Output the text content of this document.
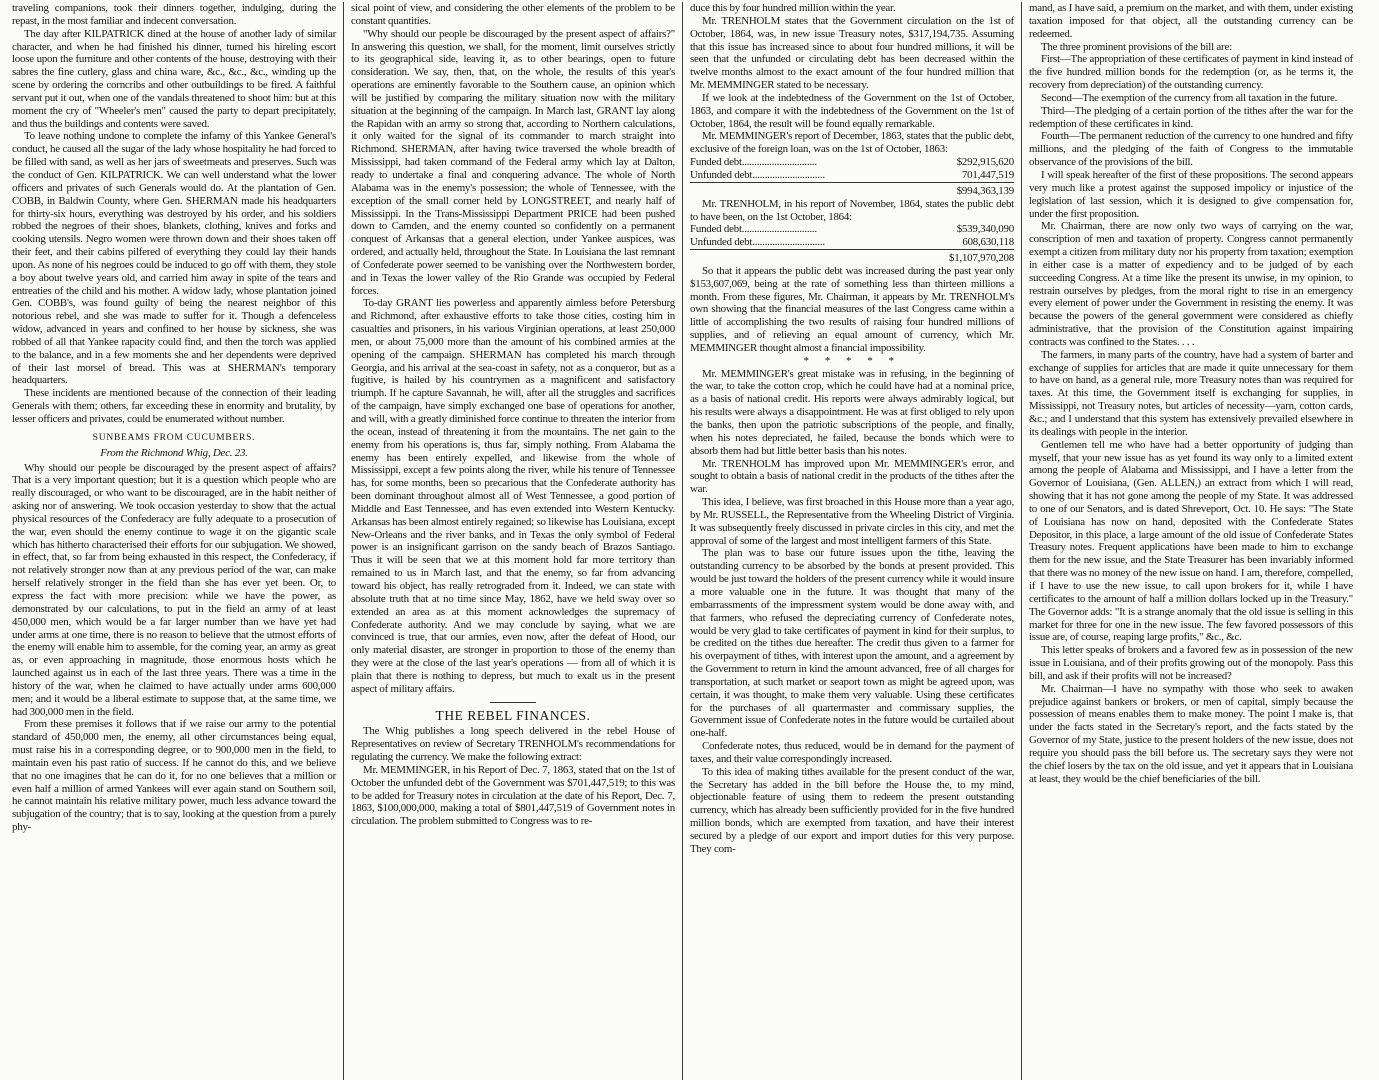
traveling companions, took their dinners together, indulging, during the repast, in the most familiar and indecent conversation.

The day after KILPATRICK dined at the house of another lady of similar character, and when he had finished his dinner, turned his hireling escort loose upon the furniture and other contents of the house, destroying with their sabres the fine cutlery, glass and china ware, &c., &c., &c., winding up the scene by ordering the corncribs and other outbuildings to be fired. A faithful servant put it out, when one of the vandals threatened to shoot him: but at this moment the cry of "Wheeler's men" caused the party to depart precipitately, and thus the buildings and contents were saved.

To leave nothing undone to complete the infamy of this Yankee General's conduct, he caused all the sugar of the lady whose hospitality he had forced to be filled with sand, as well as her jars of sweetmeats and preserves. Such was the conduct of Gen. KILPATRICK. We can well understand what the lower officers and privates of such Generals would do. At the plantation of Gen. COBB, in Baldwin County, where Gen. SHERMAN made his headquarters for thirty-six hours, everything was destroyed by his order, and his soldiers robbed the negroes of their shoes, blankets, clothing, knives and forks and cooking utensils. Negro women were thrown down and their shoes taken off their feet, and their cabins pilfered of everything they could lay their hands upon. As none of his negroes could be induced to go off with them, they stole a boy about twelve years old, and carried him away in spite of the tears and entreaties of the child and his mother. A widow lady, whose plantation joined Gen. COBB's, was found guilty of being the nearest neighbor of this notorious rebel, and she was made to suffer for it. Though a defenceless widow, advanced in years and confined to her house by sickness, she was robbed of all that Yankee rapacity could find, and then the torch was applied to the balance, and in a few moments she and her dependents were deprived of their last morsel of bread. This was at SHERMAN's temporary headquarters.

These incidents are mentioned because of the connection of their leading Generals with them; others, far exceeding these in enormity and brutality, by lesser officers and privates, could be enumerated without number.

SUNBEAMS FROM CUCUMBERS.

From the Richmond Whig, Dec. 23.

Why should our people be discouraged by the present aspect of affairs? That is a very important question; but it is a question which people who are really discouraged, or who want to be discouraged, are in the habit neither of asking nor of answering. We took occasion yesterday to show that the actual physical resources of the Confederacy are fully adequate to a prosecution of the war, even should the enemy continue to wage it on the gigantic scale which has hitherto characterised their efforts for our subjugation. We showed, in effect, that, so far from being exhausted in this respect, the Confederacy, if not relatively stronger now than at any previous period of the war, can make herself relatively stronger in the field than she has ever yet been. Or, to express the fact with more precision: while we have the power, as demonstrated by our calculations, to put in the field an army of at least 450,000 men, which would be a far larger number than we have yet had under arms at one time, there is no reason to believe that the utmost efforts of the enemy will enable him to assemble, for the coming year, an army as great as, or even approaching in magnitude, those enormous hosts which he launched against us in each of the last three years. There was a time in the history of the war, when he claimed to have actually under arms 600,000 men; and it would be a liberal estimate to suppose that, at the same time, we had 300,000 men in the field.

From these premises it follows that if we raise our army to the potential standard of 450,000 men, the enemy, all other circumstances being equal, must raise his in a corresponding degree, or to 900,000 men in the field, to maintain even his past ratio of success. If he cannot do this, and we believe that no one imagines that he can do it, for no one believes that a million or even half a million of armed Yankees will ever again stand on Southern soil, he cannot maintain his relative military power, much less advance toward the subjugation of the country; that is to say, looking at the question from a purely phy-

sical point of view, and considering the other elements of the problem to be constant quantities.

"Why should our people be discouraged by the present aspect of affairs?" In answering this question, we shall, for the moment, limit ourselves strictly to its geographical side, leaving it, as to other bearings, open to future consideration. We say, then, that, on the whole, the results of this year's operations are eminently favorable to the Southern cause, an opinion which will be justified by comparing the military situation now with the military situation at the beginning of the campaign. In March last, GRANT lay along the Rapidan with an army so strong that, according to Northern calculations, it only waited for the signal of its commander to march straight into Richmond. SHERMAN, after having twice traversed the whole breadth of Mississippi, had taken command of the Federal army which lay at Dalton, ready to undertake a final and conquering advance. The whole of North Alabama was in the enemy's possession; the whole of Tennessee, with the exception of the small corner held by LONGSTREET, and nearly half of Mississippi. In the Trans-Mississippi Department PRICE had been pushed down to Camden, and the enemy counted so confidently on a permanent conquest of Arkansas that a general election, under Yankee auspices, was ordered, and actually held, throughout the State. In Louisiana the last remnant of Confederate power seemed to be vanishing over the Northwestern border, and in Texas the lower valley of the Rio Grande was occupied by Federal forces.

To-day GRANT lies powerless and apparently aimless before Petersburg and Richmond, after exhaustive efforts to take those cities, costing him in casualties and prisoners, in his various Virginian operations, at least 250,000 men, or about 75,000 more than the amount of his combined armies at the opening of the campaign. SHERMAN has completed his march through Georgia, and his arrival at the sea-coast in safety, not as a conqueror, but as a fugitive, is hailed by his countrymen as a magnificent and satisfactory triumph. If he capture Savannah, he will, after all the struggles and sacrifices of the campaign, have simply exchanged one base of operations for another, and will, with a greatly diminished force continue to threaten the interior from the ocean, instead of threatening it from the mountains. The net gain to the enemy from his operations is, thus far, simply nothing. From Alabama the enemy has been entirely expelled, and likewise from the whole of Mississippi, except a few points along the river, while his tenure of Tennessee has, for some months, been so precarious that the Confederate authority has been dominant throughout almost all of West Tennessee, a good portion of Middle and East Tennessee, and has even extended into Western Kentucky. Arkansas has been almost entirely regained; so likewise has Louisiana, except New-Orleans and the river banks, and in Texas the only symbol of Federal power is an insignificant garrison on the sandy beach of Brazos Santiago. Thus it will be seen that we at this moment hold far more territory than remained to us in March last, and that the enemy, so far from advancing toward his object, has really retrograded from it. Indeed, we can state with absolute truth that at no time since May, 1862, have we held sway over so extended an area as at this moment acknowledges the supremacy of Confederate authority. And we may conclude by saying, what we are convinced is true, that our armies, even now, after the defeat of Hood, our only material disaster, are stronger in proportion to those of the enemy than they were at the close of the last year's operations — from all of which it is plain that there is nothing to depress, but much to exalt us in the present aspect of military affairs.

THE REBEL FINANCES.

The Whig publishes a long speech delivered in the rebel House of Representatives on review of Secretary TRENHOLM's recommendations for regulating the currency. We make the following extract:

Mr. MEMMINGER, in his Report of Dec. 7, 1863, stated that on the 1st of October the unfunded debt of the Government was $701,447,519; to this was to be added for Treasury notes in circulation at the date of his Report, Dec. 7, 1863, $100,000,000, making a total of $801,447,519 of Government notes in circulation. The problem submitted to Congress was to re-

duce this by four hundred million within the year.

Mr. TRENHOLM states that the Government circulation on the 1st of October, 1864, was, in new issue Treasury notes, $317,194,735. Assuming that this issue has increased since to about four hundred millions, it will be seen that the unfunded or circulating debt has been decreased within the twelve months almost to the exact amount of the four hundred million that Mr. MEMMINGER stated to be necessary.

If we look at the indebtedness of the Government on the 1st of October, 1863, and compare it with the indebtedness of the Government on the 1st of October, 1864, the result will be found equally remarkable.

Mr. MEMMINGER's report of December, 1863, states that the public debt, exclusive of the foreign loan, was on the 1st of October, 1863:

Funded debt..............................	$292,915,620
Unfunded debt.............................	701,447,519
	$994,363,139

Mr. TRENHOLM, in his report of November, 1864, states the public debt to have been, on the 1st October, 1864:

Funded debt..............................	$539,340,090
Unfunded debt.............................	608,630,118
	$1,107,970,208

So that it appears the public debt was increased during the past year only $153,607,069, being at the rate of something less than thirteen millions a month. From these figures, Mr. Chairman, it appears by Mr. TRENHOLM's own showing that the financial measures of the last Congress came within a little of accomplishing the two results of raising four hundred millions of supplies, and of relieving an equal amount of currency, which Mr. MEMMINGER thought almost a financial impossibility.

* * * * *

Mr. MEMMINGER's great mistake was in refusing, in the beginning of the war, to take the cotton crop, which he could have had at a nominal price, as a basis of national credit. His reports were always admirably logical, but his results were always a disappointment. He was at first obliged to rely upon the banks, then upon the patriotic subscriptions of the people, and finally, when his notes depreciated, he failed, because the bonds which were to absorb them had but little better basis than his notes.

Mr. TRENHOLM has improved upon Mr. MEMMINGER's error, and sought to obtain a basis of national credit in the products of the tithes after the war.

This idea, I believe, was first broached in this House more than a year ago, by Mr. RUSSELL, the Representative from the Wheeling District of Virginia. It was subsequently freely discussed in private circles in this city, and met the approval of some of the largest and most intelligent farmers of this State.

The plan was to base our future issues upon the tithe, leaving the outstanding currency to be absorbed by the bonds at present provided. This would be just toward the holders of the present currency while it would insure a more valuable one in the future. It was thought that many of the embarrassments of the impressment system would be done away with, and that farmers, who refused the depreciating currency of Confederate notes, would be very glad to take certificates of payment in kind for their surplus, to be credited on the tithes due hereafter. The credit thus given to a farmer for his overpayment of tithes, with interest upon the amount, and a agreement by the Government to return in kind the amount advanced, free of all charges for transportation, at such market or seaport town as might be agreed upon, was certain, it was thought, to make them very valuable. Using these certificates for the purchases of all quartermaster and commissary supplies, the Government issue of Confederate notes in the future would be curtailed about one-half.

Confederate notes, thus reduced, would be in demand for the payment of taxes, and their value correspondingly increased.

To this idea of making tithes available for the present conduct of the war, the Secretary has added in the bill before the House the, to my mind, objectionable feature of using them to redeem the present outstanding currency, which has already been sufficiently provided for in the five hundred million bonds, which are exempted from taxation, and have their interest secured by a pledge of our export and import duties for this very purpose. They com-

mand, as I have said, a premium on the market, and with them, under existing taxation imposed for that object, all the outstanding currency can be redeemed.

The three prominent provisions of the bill are:

First—The appropriation of these certificates of payment in kind instead of the five hundred million bonds for the redemption (or, as he terms it, the recovery from depreciation) of the outstanding currency.

Second—The exemption of the currency from all taxation in the future.

Third—The pledging of a certain portion of the tithes after the war for the redemption of these certificates in kind.

Fourth—The permanent reduction of the currency to one hundred and fifty millions, and the pledging of the faith of Congress to the immutable observance of the provisions of the bill.

I will speak hereafter of the first of these propositions. The second appears very much like a protest against the supposed impolicy or injustice of the legislation of last session, which it is designed to give compensation for, under the first proposition.

Mr. Chairman, there are now only two ways of carrying on the war, conscription of men and taxation of property. Congress cannot permanently exempt a citizen from military duty nor his property from taxation; exemption in either case is a matter of expediency and to be judged of by each succeeding Congress. At a time like the present its unwise, in my opinion, to restrain ourselves by pledges, from the moral right to rise in an emergency every element of power under the Government in resisting the enemy. It was because the powers of the general government were considered as chiefly administrative, that the provision of the Constitution against impairing contracts was confined to the States. . . .

The farmers, in many parts of the country, have had a system of barter and exchange of supplies for articles that are made it quite unnecessary for them to have on hand, as a general rule, more Treasury notes than was required for taxes. At this time, the Government itself is exchanging for supplies, in Mississippi, not Treasury notes, but articles of necessity—yarn, cotton cards, &c.; and I understand that this system has extensively prevailed elsewhere in its dealings with people in the interior.

Gentlemen tell me who have had a better opportunity of judging than myself, that your new issue has as yet found its way only to a limited extent among the people of Alabama and Mississippi, and I have a letter from the Governor of Louisiana, (Gen. ALLEN,) an extract from which I will read, showing that it has not gone among the people of my State. It was addressed to one of our Senators, and is dated Shreveport, Oct. 10. He says: "The State of Louisiana has now on hand, deposited with the Confederate States Depositor, in this place, a large amount of the old issue of Confederate States Treasury notes. Frequent applications have been made to him to exchange them for the new issue, and the State Treasurer has been invariably informed that there was no money of the new issue on hand. I am, therefore, compelled, if I have to use the new issue, to call upon brokers for it, while I have certificates to the amount of half a million dollars locked up in the Treasury." The Governor adds: "It is a strange anomaly that the old issue is selling in this market for three for one in the new issue. The few favored possessors of this issue are, of course, reaping large profits," &c., &c.

This letter speaks of brokers and a favored few as in possession of the new issue in Louisiana, and of their profits growing out of the monopoly. Pass this bill, and ask if their profits will not be increased?

Mr. Chairman—I have no sympathy with those who seek to awaken prejudice against bankers or brokers, or men of capital, simply because the possession of means enables them to make money. The point I make is, that under the facts stated in the Secretary's report, and the facts stated by the Governor of my State, justice to the present holders of the new issue, does not require you should pass the bill before us. The secretary says they were not the chief losers by the tax on the old issue, and yet it appears that in Louisiana at least, they would be the chief beneficiaries of the bill.
